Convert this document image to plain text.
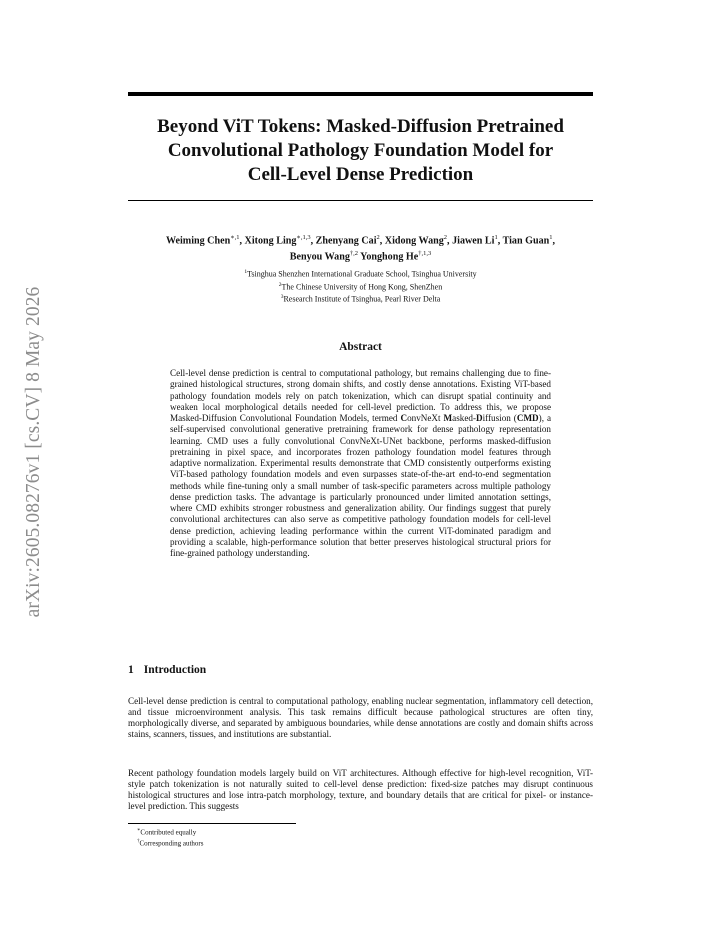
arXiv:2605.08276v1 [cs.CV] 8 May 2026
Beyond ViT Tokens: Masked-Diffusion Pretrained
Convolutional Pathology Foundation Model for
Cell-Level Dense Prediction
Weiming Chen$^{∗,1}$, Xitong Ling$^{∗,1,3}$, Zhenyang Cai$^2$, Xidong Wang$^2$, Jiawen Li$^1$, Tian Guan$^1$,
Benyou Wang$^{\dagger,2}$ Yonghong $He^{\dagger,1,3}$
$^1$Tsinghua Shenzhen International Graduate School, Tsinghua University
$^2$The Chinese University of Hong Kong, ShenZhen
$^3$Research Institute of Tsinghua, Pearl River Delta
Abstract

Cell-level dense prediction is central to computational pathology, but remains challenging due to fine-grained histological structures, strong domain shifts, and costly dense annotations. Existing ViT-based pathology foundation models rely on patch tokenization, which can disrupt spatial continuity and weaken local morphological details needed for cell-level prediction. To address this, we propose Masked-Diffusion Convolutional Foundation Models, termed ConvNeXt Masked-Diffusion (CMD), a self-supervised convolutional generative pretraining framework for dense pathology representation learning. CMD uses a fully convolutional ConvNeXt-UNet backbone, performs masked-diffusion pretraining in pixel space, and incorporates frozen pathology foundation model features through adaptive normalization. Experimental results demonstrate that CMD consistently outperforms existing ViT-based pathology foundation models and even surpasses state-of-the-art end-to-end segmentation methods while fine-tuning only a small number of task-specific parameters across multiple pathology dense prediction tasks. The advantage is particularly pronounced under limited annotation settings, where CMD exhibits stronger robustness and generalization ability. Our findings suggest that purely convolutional architectures can also serve as competitive pathology foundation models for cell-level dense prediction, achieving leading performance within the current ViT-dominated paradigm and providing a scalable, high-performance solution that better preserves histological structural priors for fine-grained pathology understanding.

1 Introduction

Cell-level dense prediction is central to computational pathology, enabling nuclear segmentation, inflammatory cell detection, and tissue microenvironment analysis. This task remains difficult because pathological structures are often tiny, morphologically diverse, and separated by ambiguous boundaries, while dense annotations are costly and domain shifts across stains, scanners, tissues, and institutions are substantial.

Recent pathology foundation models largely build on ViT architectures. Although effective for high-level recognition, ViT-style patch tokenization is not naturally suited to cell-level dense prediction: fixed-size patches may disrupt continuous histological structures and lose intra-patch morphology, texture, and boundary details that are critical for pixel- or instance-level prediction. This suggests

∗Contributed equally
†Corresponding authors
